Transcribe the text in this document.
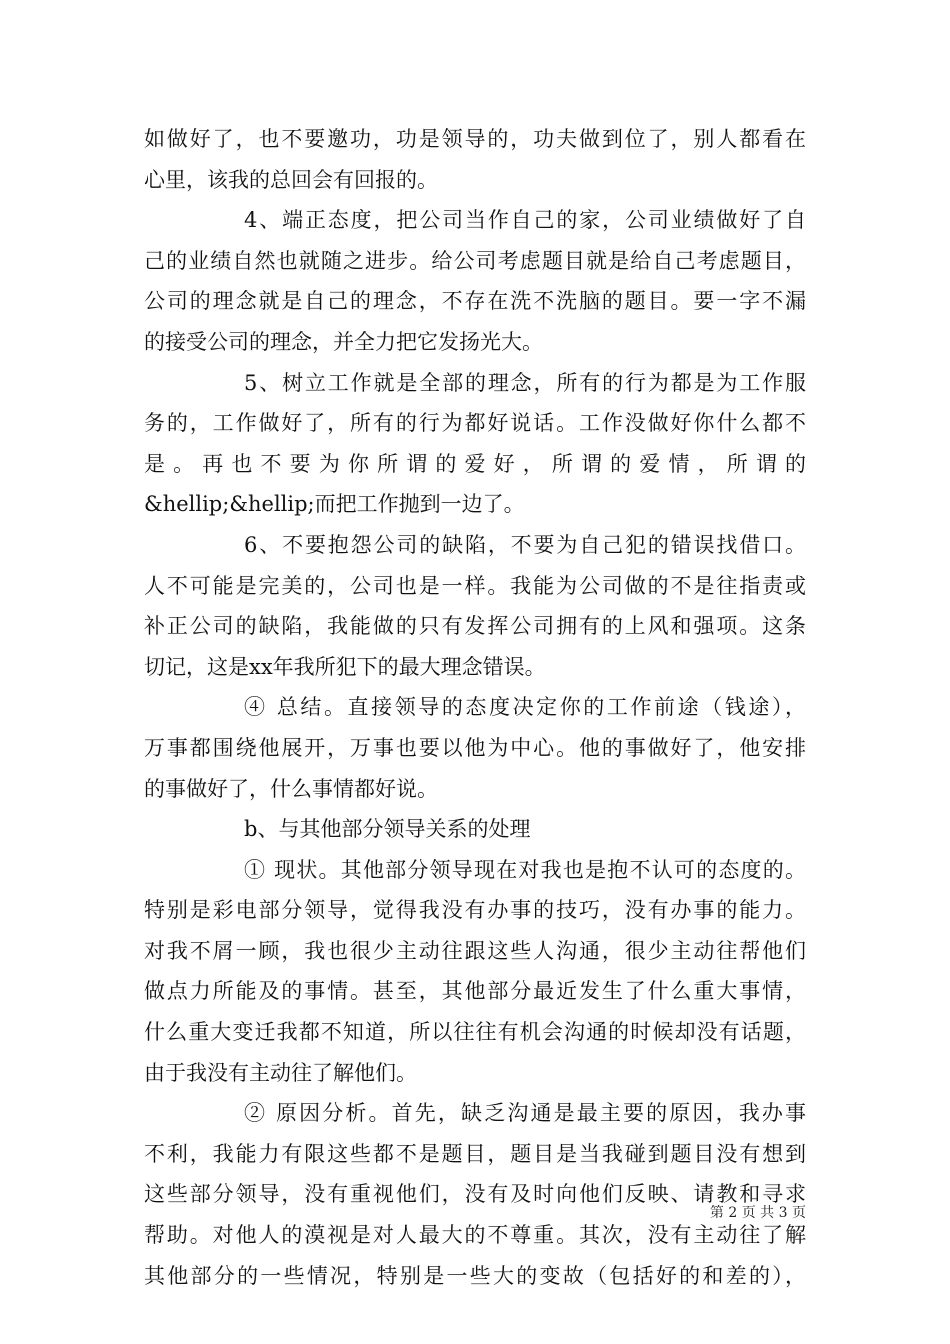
如做好了，也不要邀功，功是领导的，功夫做到位了，别人都看在
心里，该我的总回会有回报的。
4、端正态度，把公司当作自己的家，公司业绩做好了自
己的业绩自然也就随之进步。给公司考虑题目就是给自己考虑题目，
公司的理念就是自己的理念，不存在洗不洗脑的题目。要一字不漏
的接受公司的理念，并全力把它发扬光大。
5、树立工作就是全部的理念，所有的行为都是为工作服
务的，工作做好了，所有的行为都好说话。工作没做好你什么都不
是 。 再 也 不 要 为 你 所 谓 的 爱 好 ， 所 谓 的 爱 情 ， 所 谓 的
&hellip;&hellip;而把工作抛到一边了。
6、不要抱怨公司的缺陷，不要为自己犯的错误找借口。
人不可能是完美的，公司也是一样。我能为公司做的不是往指责或
补正公司的缺陷，我能做的只有发挥公司拥有的上风和强项。这条
切记，这是xx年我所犯下的最大理念错误。
④ 总结。直接领导的态度决定你的工作前途（钱途），
万事都围绕他展开，万事也要以他为中心。他的事做好了，他安排
的事做好了，什么事情都好说。
b、与其他部分领导关系的处理
① 现状。其他部分领导现在对我也是抱不认可的态度的。
特别是彩电部分领导，觉得我没有办事的技巧，没有办事的能力。
对我不屑一顾，我也很少主动往跟这些人沟通，很少主动往帮他们
做点力所能及的事情。甚至，其他部分最近发生了什么重大事情，
什么重大变迁我都不知道，所以往往有机会沟通的时候却没有话题，
由于我没有主动往了解他们。
② 原因分析。首先，缺乏沟通是最主要的原因，我办事
不利，我能力有限这些都不是题目，题目是当我碰到题目没有想到
这些部分领导，没有重视他们，没有及时向他们反映、请教和寻求
帮助。对他人的漠视是对人最大的不尊重。其次，没有主动往了解
其他部分的一些情况，特别是一些大的变故（包括好的和差的），
第 2 页 共 3 页
